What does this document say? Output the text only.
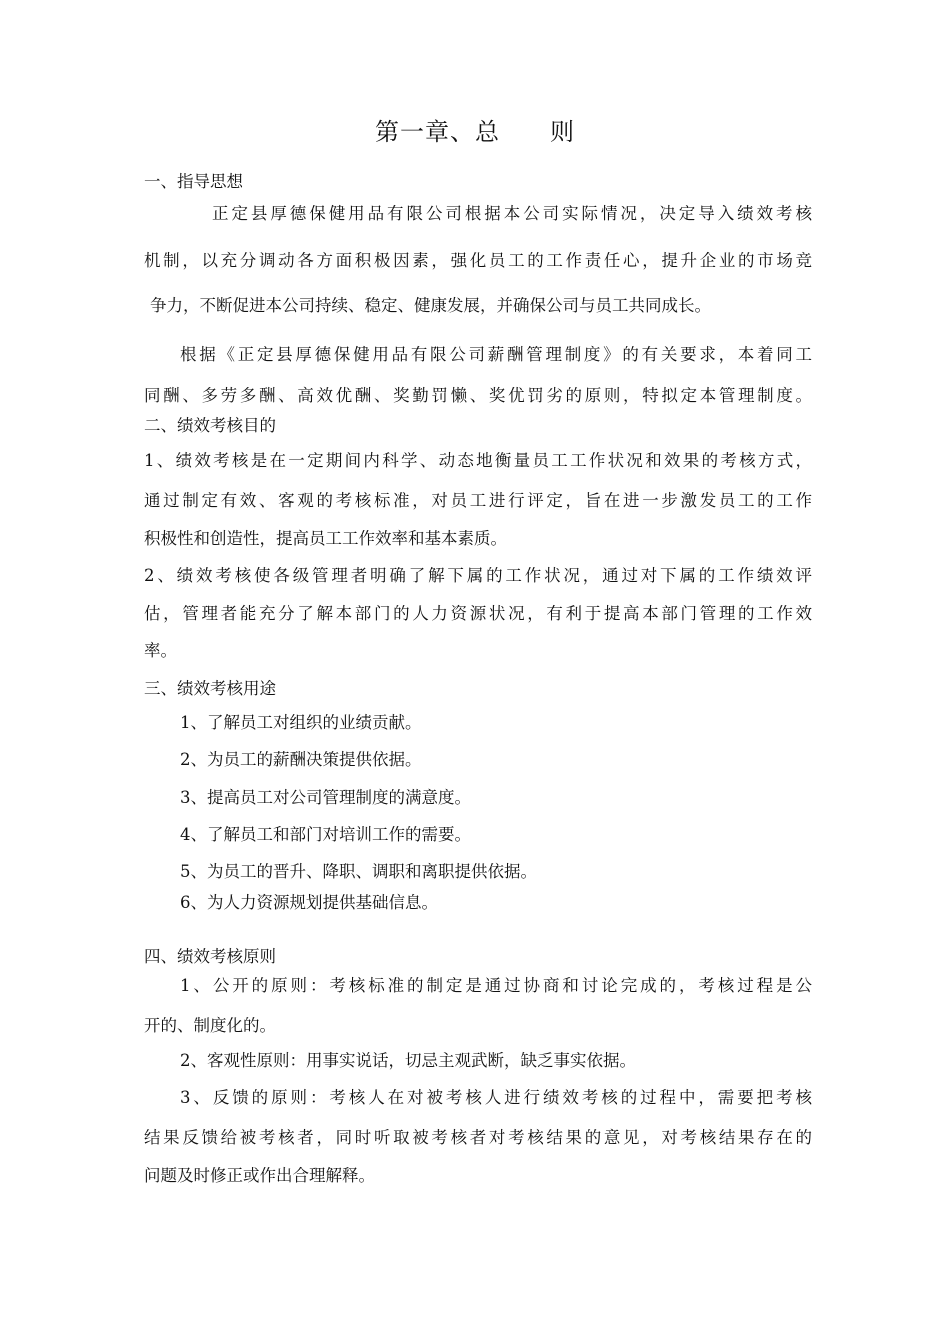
第一章、总　　则
一、指导思想
正定县厚德保健用品有限公司根据本公司实际情况，决定导入绩效考核
机制，以充分调动各方面积极因素，强化员工的工作责任心，提升企业的市场竞
争力，不断促进本公司持续、稳定、健康发展，并确保公司与员工共同成长。
根据《正定县厚德保健用品有限公司薪酬管理制度》的有关要求，本着同工
同酬、多劳多酬、高效优酬、奖勤罚懒、奖优罚劣的原则，特拟定本管理制度。
二、绩效考核目的
1、绩效考核是在一定期间内科学、动态地衡量员工工作状况和效果的考核方式，
通过制定有效、客观的考核标准，对员工进行评定，旨在进一步激发员工的工作
积极性和创造性，提高员工工作效率和基本素质。
2、绩效考核使各级管理者明确了解下属的工作状况，通过对下属的工作绩效评
估，管理者能充分了解本部门的人力资源状况，有利于提高本部门管理的工作效
率。
三、绩效考核用途
1、了解员工对组织的业绩贡献。
2、为员工的薪酬决策提供依据。
3、提高员工对公司管理制度的满意度。
4、了解员工和部门对培训工作的需要。
5、为员工的晋升、降职、调职和离职提供依据。
6、为人力资源规划提供基础信息。
四、绩效考核原则
1、公开的原则：考核标准的制定是通过协商和讨论完成的，考核过程是公
开的、制度化的。
2、客观性原则：用事实说话，切忌主观武断，缺乏事实依据。
3、反馈的原则：考核人在对被考核人进行绩效考核的过程中，需要把考核
结果反馈给被考核者，同时听取被考核者对考核结果的意见，对考核结果存在的
问题及时修正或作出合理解释。
